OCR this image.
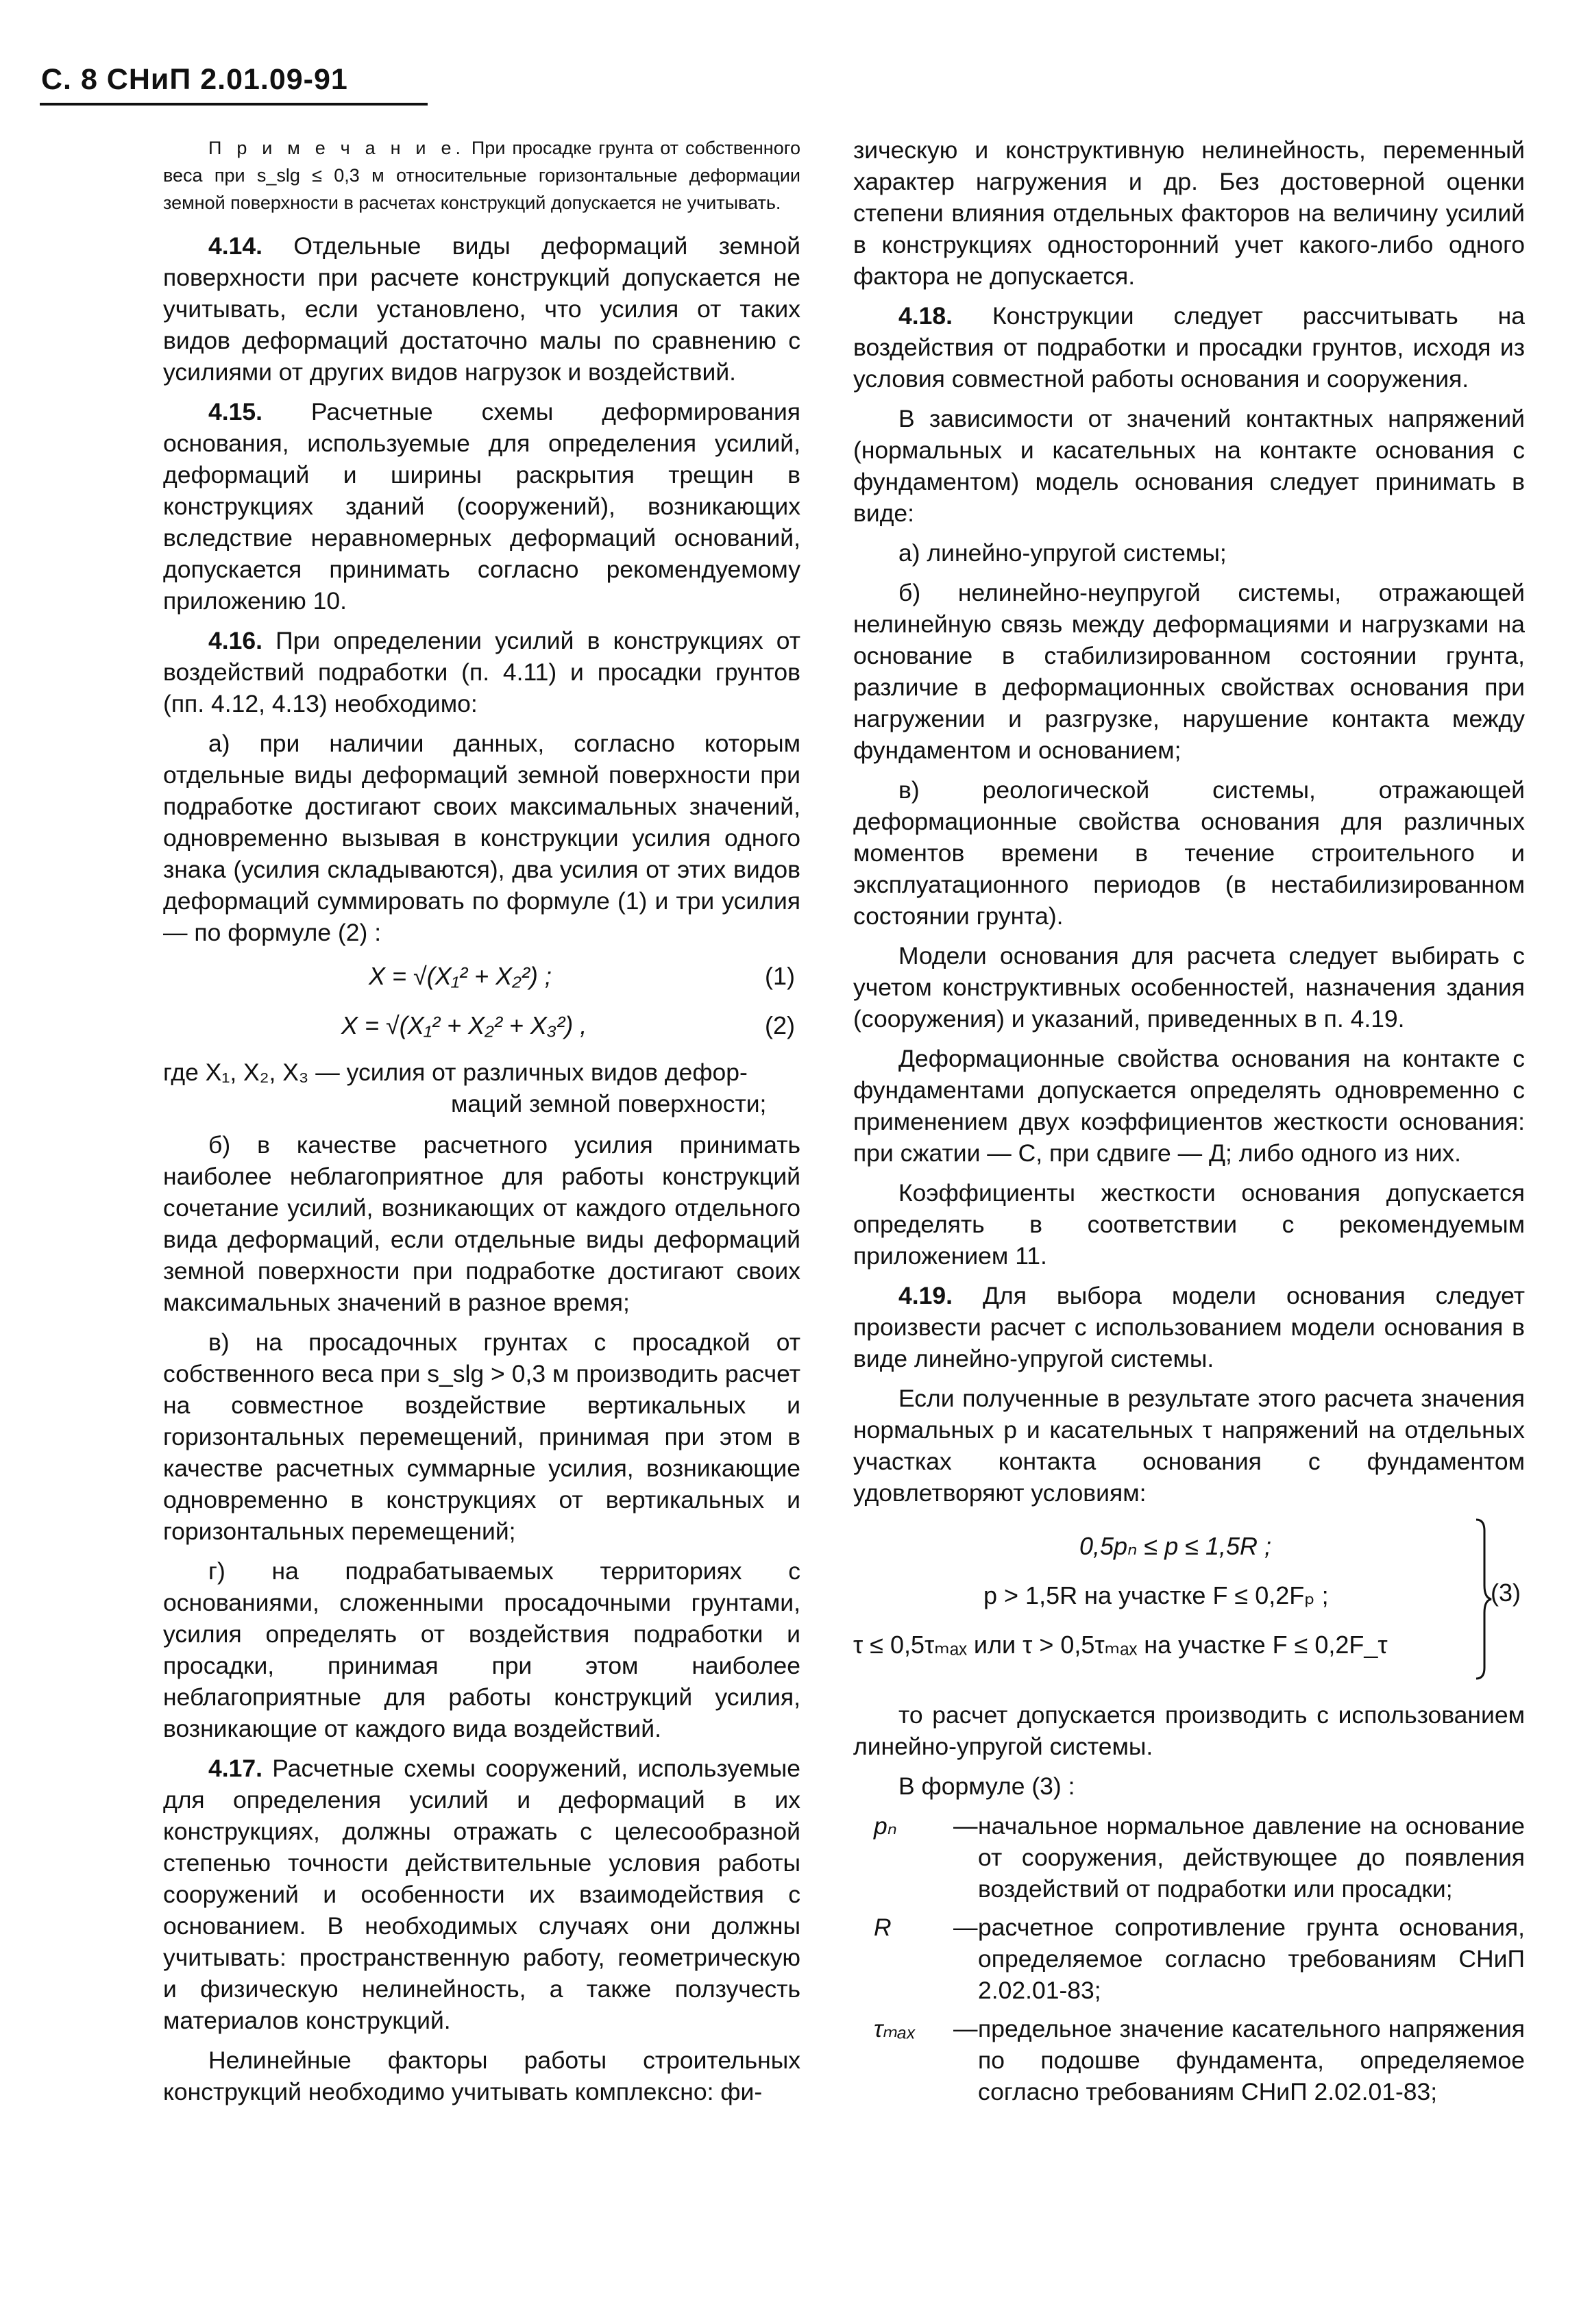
С. 8 СНиП 2.01.09-91

П р и м е ч а н и е. При просадке грунта от собственного веса при s_slg ≤ 0,3 м относительные горизонтальные деформации земной поверхности в расчетах конструкций допускается не учитывать.

4.14. Отдельные виды деформаций земной поверхности при расчете конструкций допускается не учитывать, если установлено, что усилия от таких видов деформаций достаточно малы по сравнению с усилиями от других видов нагрузок и воздействий.

4.15. Расчетные схемы деформирования основания, используемые для определения усилий, деформаций и ширины раскрытия трещин в конструкциях зданий (сооружений), возникающих вследствие неравномерных деформаций оснований, допускается принимать согласно рекомендуемому приложению 10.

4.16. При определении усилий в конструкциях от воздействий подработки (п. 4.11) и просадки грунтов (пп. 4.12, 4.13) необходимо:

а) при наличии данных, согласно которым отдельные виды деформаций земной поверхности при подработке достигают своих максимальных значений, одновременно вызывая в конструкции усилия одного знака (усилия складываются), два усилия от этих видов деформаций суммировать по формуле (1) и три усилия — по формуле (2) :

X = √(X₁² + X₂²) ;	(1)
X = √(X₁² + X₂² + X₃²) ,	(2)
где X₁, X₂, X₃ — усилия от различных видов дефор-
маций земной поверхности;

б) в качестве расчетного усилия принимать наиболее неблагоприятное для работы конструкций сочетание усилий, возникающих от каждого отдельного вида деформаций, если отдельные виды деформаций земной поверхности при подработке достигают своих максимальных значений в разное время;

в) на просадочных грунтах с просадкой от собственного веса при s_slg > 0,3 м производить расчет на совместное воздействие вертикальных и горизонтальных перемещений, принимая при этом в качестве расчетных суммарные усилия, возникающие одновременно в конструкциях от вертикальных и горизонтальных перемещений;

г) на подрабатываемых территориях с основаниями, сложенными просадочными грунтами, усилия определять от воздействия подработки и просадки, принимая при этом наиболее неблагоприятные для работы конструкций усилия, возникающие от каждого вида воздействий.

4.17. Расчетные схемы сооружений, используемые для определения усилий и деформаций в их конструкциях, должны отражать с целесообразной степенью точности действительные условия работы сооружений и особенности их взаимодействия с основанием. В необходимых случаях они должны учитывать: пространственную работу, геометрическую и физическую нелинейность, а также ползучесть материалов конструкций.

Нелинейные факторы работы строительных конструкций необходимо учитывать комплексно: фи-

зическую и конструктивную нелинейность, переменный характер нагружения и др. Без достоверной оценки степени влияния отдельных факторов на величину усилий в конструкциях односторонний учет какого-либо одного фактора не допускается.

4.18. Конструкции следует рассчитывать на воздействия от подработки и просадки грунтов, исходя из условия совместной работы основания и сооружения.

В зависимости от значений контактных напряжений (нормальных и касательных на контакте основания с фундаментом) модель основания следует принимать в виде:

а) линейно-упругой системы;

б) нелинейно-неупругой системы, отражающей нелинейную связь между деформациями и нагрузками на основание в стабилизированном состоянии грунта, различие в деформационных свойствах основания при нагружении и разгрузке, нарушение контакта между фундаментом и основанием;

в) реологической системы, отражающей деформационные свойства основания для различных моментов времени в течение строительного и эксплуатационного периодов (в нестабилизированном состоянии грунта).

Модели основания для расчета следует выбирать с учетом конструктивных особенностей, назначения здания (сооружения) и указаний, приведенных в п. 4.19.

Деформационные свойства основания на контакте с фундаментами допускается определять одновременно с применением двух коэффициентов жесткости основания: при сжатии — С, при сдвиге — Д; либо одного из них.

Коэффициенты жесткости основания допускается определять в соответствии с рекомендуемым приложением 11.

4.19. Для выбора модели основания следует произвести расчет с использованием модели основания в виде линейно-упругой системы.

Если полученные в результате этого расчета значения нормальных p и касательных τ напряжений на отдельных участках контакта основания с фундаментом удовлетворяют условиям:

0,5pₙ ≤ p ≤ 1,5R ;
p > 1,5R на участке F ≤ 0,2Fₚ ;
τ ≤ 0,5τₘₐₓ или τ > 0,5τₘₐₓ на участке F ≤ 0,2F_τ
(3)

то расчет допускается производить с использованием линейно-упругой системы.

В формуле (3) :

pₙ	— начальное нормальное давление на основание от сооружения, действующее до появления воздействий от подработки или просадки;
R	— расчетное сопротивление грунта основания, определяемое согласно требованиям СНиП 2.02.01-83;
τₘₐₓ	— предельное значение касательного напряжения по подошве фундамента, определяемое согласно требованиям СНиП 2.02.01-83;
